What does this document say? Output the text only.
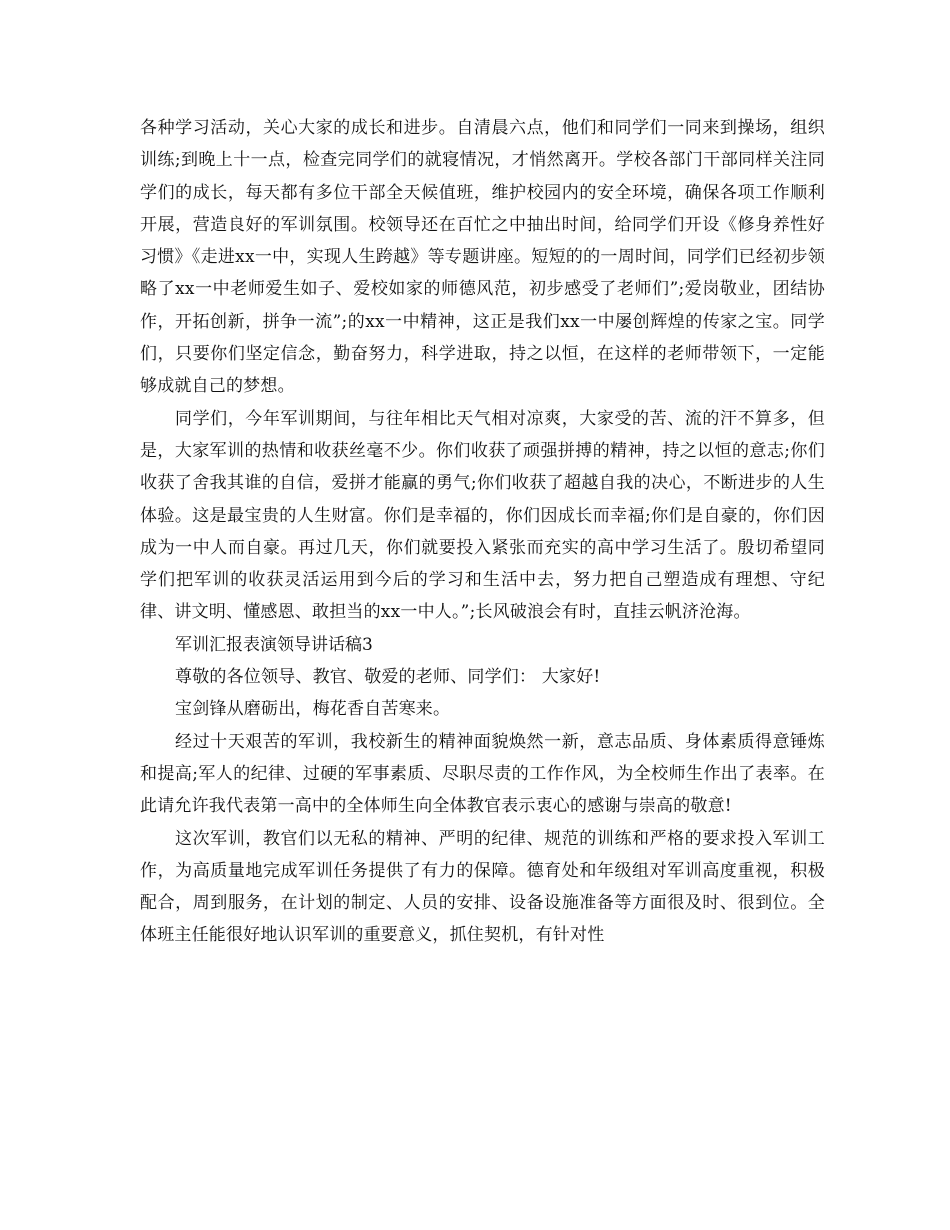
各种学习活动，关心大家的成长和进步。自清晨六点，他们和同学们一同来到操场，组织训练;到晚上十一点，检查完同学们的就寝情况，才悄然离开。学校各部门干部同样关注同学们的成长，每天都有多位干部全天候值班，维护校园内的安全环境，确保各项工作顺利开展，营造良好的军训氛围。校领导还在百忙之中抽出时间，给同学们开设《修身养性好习惯》《走进xx一中，实现人生跨越》等专题讲座。短短的的一周时间，同学们已经初步领略了xx一中老师爱生如子、爱校如家的师德风范，初步感受了老师们”;爱岗敬业，团结协作，开拓创新，拼争一流”;的xx一中精神，这正是我们xx一中屡创辉煌的传家之宝。同学们，只要你们坚定信念，勤奋努力，科学进取，持之以恒，在这样的老师带领下，一定能够成就自己的梦想。

同学们，今年军训期间，与往年相比天气相对凉爽，大家受的苦、流的汗不算多，但是，大家军训的热情和收获丝毫不少。你们收获了顽强拼搏的精神，持之以恒的意志;你们收获了舍我其谁的自信，爱拼才能赢的勇气;你们收获了超越自我的决心，不断进步的人生体验。这是最宝贵的人生财富。你们是幸福的，你们因成长而幸福;你们是自豪的，你们因成为一中人而自豪。再过几天，你们就要投入紧张而充实的高中学习生活了。殷切希望同学们把军训的收获灵活运用到今后的学习和生活中去，努力把自己塑造成有理想、守纪律、讲文明、懂感恩、敢担当的xx一中人。”;长风破浪会有时，直挂云帆济沧海。

军训汇报表演领导讲话稿3

尊敬的各位领导、教官、敬爱的老师、同学们： 大家好!

宝剑锋从磨砺出，梅花香自苦寒来。

经过十天艰苦的军训，我校新生的精神面貌焕然一新，意志品质、身体素质得意锤炼和提高;军人的纪律、过硬的军事素质、尽职尽责的工作作风，为全校师生作出了表率。在此请允许我代表第一高中的全体师生向全体教官表示衷心的感谢与崇高的敬意!

这次军训，教官们以无私的精神、严明的纪律、规范的训练和严格的要求投入军训工作，为高质量地完成军训任务提供了有力的保障。德育处和年级组对军训高度重视，积极配合，周到服务，在计划的制定、人员的安排、设备设施准备等方面很及时、很到位。全体班主任能很好地认识军训的重要意义，抓住契机，有针对性
